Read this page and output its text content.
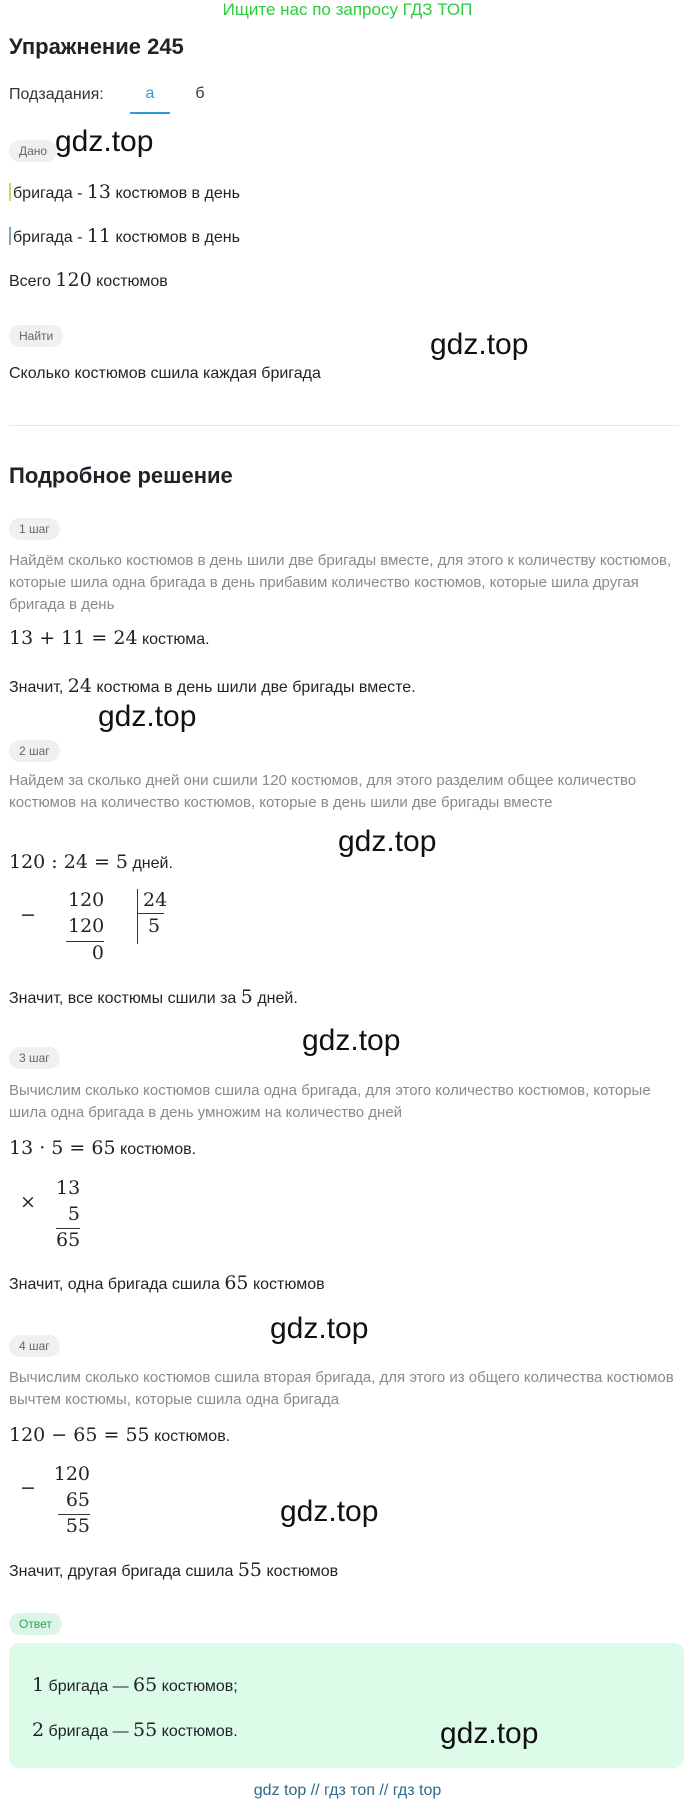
Ищите нас по запросу ГДЗ ТОП
Упражнение 245
Подзадания:	а	б
Дано gdz.top
бригада - 13 костюмов в день
бригада - 11 костюмов в день
Всего 120 костюмов
Найти	gdz.top
Сколько костюмов сшила каждая бригада
Подробное решение
1 шаг
Найдём сколько костюмов в день шили две бригады вместе, для этого к количеству костюмов, которые шила одна бригада в день прибавим количество костюмов, которые шила другая бригада в день
13 + 11 = 24 костюма.
Значит, 24 костюма в день шили две бригады вместе.
gdz.top
2 шаг
Найдем за сколько дней они сшили 120 костюмов, для этого разделим общее количество костюмов на количество костюмов, которые в день шили две бригады вместе
gdz.top
120 : 24 = 5 дней.
−
120
120
0
24
5
Значит, все костюмы сшили за 5 дней.
gdz.top
3 шаг
Вычислим сколько костюмов сшила одна бригада, для этого количество костюмов, которые шила одна бригада в день умножим на количество дней
13 · 5 = 65 костюмов.
13
×
5
65
Значит, одна бригада сшила 65 костюмов
4 шаг
gdz.top
Вычислим сколько костюмов сшила вторая бригада, для этого из общего количества костюмов вычтем костюмы, которые сшила одна бригада
120 − 65 = 55 костюмов.
120
−
65
55	gdz.top
Значит, другая бригада сшила 55 костюмов
Ответ
1 бригада — 65 костюмов;
2 бригада — 55 костюмов.	gdz.top
gdz top // гдз топ // гдз top
